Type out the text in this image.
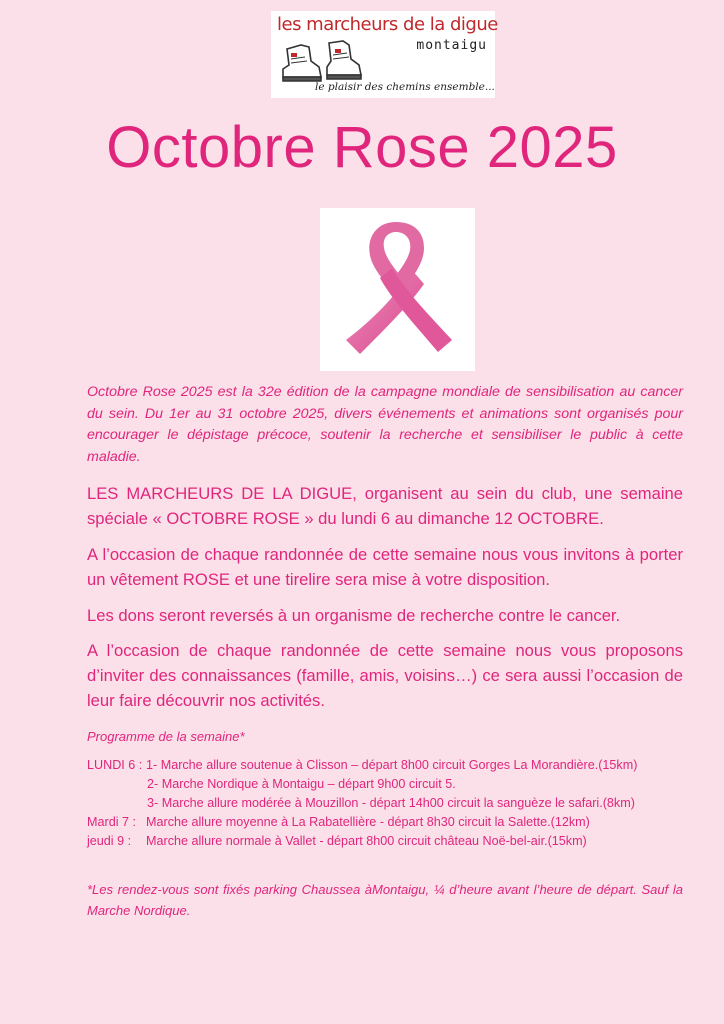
les marcheurs de la digue
montaigu
le plaisir des chemins ensemble...
Octobre Rose 2025
Octobre Rose 2025 est la 32e édition de la campagne mondiale de sensibilisation au cancer du sein. Du 1er au 31 octobre 2025, divers événements et animations sont organisés pour encourager le dépistage précoce, soutenir la recherche et sensibiliser le public à cette maladie.
LES MARCHEURS DE LA DIGUE, organisent au sein du club, une semaine spéciale « OCTOBRE ROSE » du lundi 6 au dimanche 12 OCTOBRE.
A l’occasion de chaque randonnée de cette semaine nous vous invitons à porter un vêtement ROSE et une tirelire sera mise à votre disposition.
Les dons seront reversés à un organisme de recherche contre le cancer.
A l’occasion de chaque randonnée de cette semaine nous vous proposons d’inviter des connaissances (famille, amis, voisins…) ce sera aussi l’occasion de leur faire découvrir nos activités.
Programme de la semaine*
LUNDI 6 : 1- Marche allure soutenue à Clisson – départ 8h00 circuit Gorges La Morandière.(15km)
2- Marche Nordique à Montaigu – départ 9h00 circuit 5.
3- Marche allure modérée à Mouzillon - départ 14h00 circuit la sanguèze le safari.(8km)
Mardi 7 : Marche allure moyenne à La Rabatellière - départ 8h30 circuit la Salette.(12km)
jeudi 9 : Marche allure normale à Vallet - départ 8h00 circuit château Noë-bel-air.(15km)
*Les rendez-vous sont fixés parking Chaussea àMontaigu, ¼ d’heure avant l’heure de départ. Sauf la Marche Nordique.
